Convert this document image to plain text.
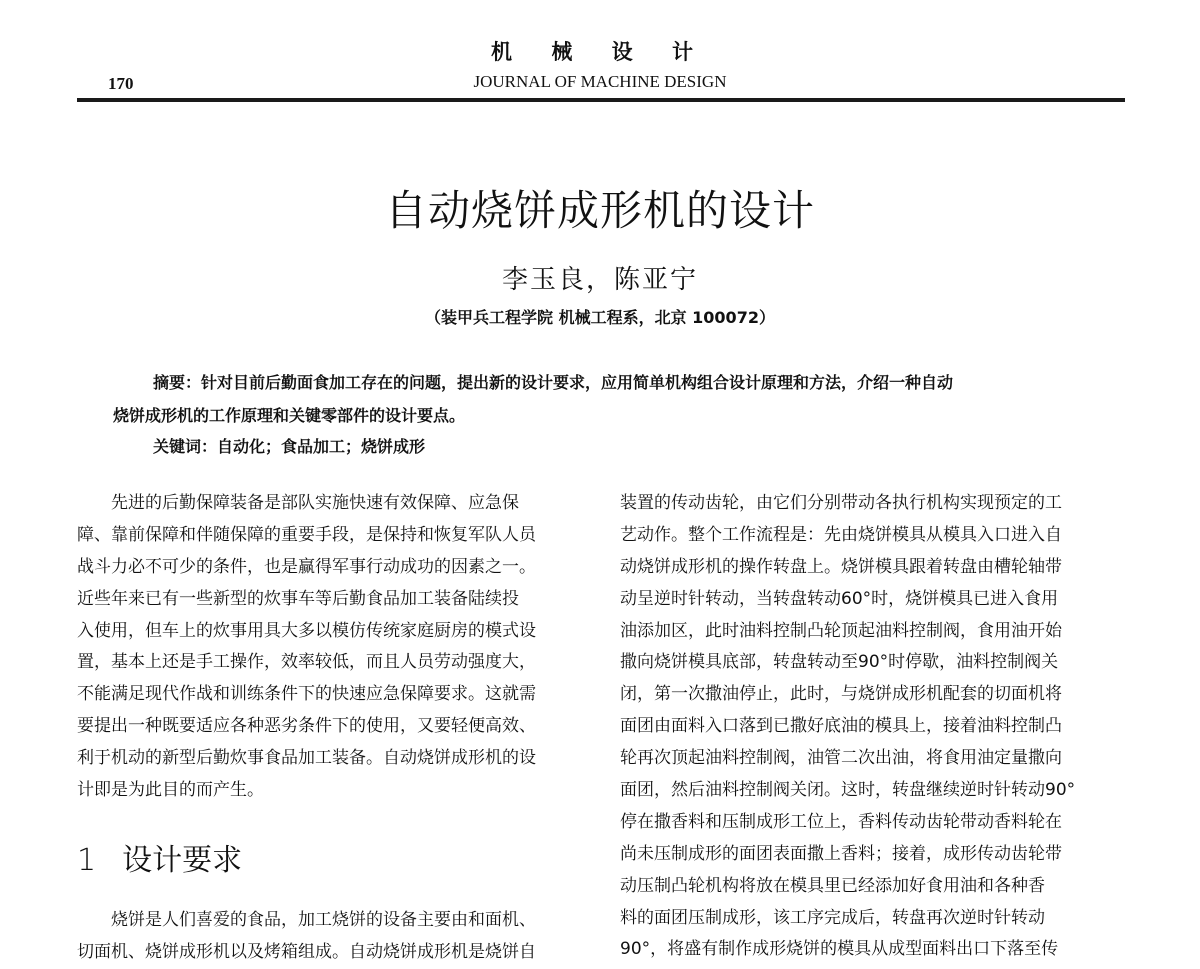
机 械 设 计
170	JOURNAL OF MACHINE DESIGN
自动烧饼成形机的设计
李玉良，陈亚宁
（装甲兵工程学院 机械工程系，北京 100072）
摘要：针对目前后勤面食加工存在的问题，提出新的设计要求，应用简单机构组合设计原理和方法，介绍一种自动
烧饼成形机的工作原理和关键零部件的设计要点。
关键词：自动化；食品加工；烧饼成形
先进的后勤保障装备是部队实施快速有效保障、应急保
障、靠前保障和伴随保障的重要手段，是保持和恢复军队人员
战斗力必不可少的条件，也是赢得军事行动成功的因素之一。
近些年来已有一些新型的炊事车等后勤食品加工装备陆续投
入使用，但车上的炊事用具大多以模仿传统家庭厨房的模式设
置，基本上还是手工操作，效率较低，而且人员劳动强度大，
不能满足现代作战和训练条件下的快速应急保障要求。这就需
要提出一种既要适应各种恶劣条件下的使用，又要轻便高效、
利于机动的新型后勤炊事食品加工装备。自动烧饼成形机的设
计即是为此目的而产生。
1 设计要求
烧饼是人们喜爱的食品，加工烧饼的设备主要由和面机、
切面机、烧饼成形机以及烤箱组成。自动烧饼成形机是烧饼自
装置的传动齿轮，由它们分别带动各执行机构实现预定的工
艺动作。整个工作流程是：先由烧饼模具从模具入口进入自
动烧饼成形机的操作转盘上。烧饼模具跟着转盘由槽轮轴带
动呈逆时针转动，当转盘转动60°时，烧饼模具已进入食用
油添加区，此时油料控制凸轮顶起油料控制阀，食用油开始
撒向烧饼模具底部，转盘转动至90°时停歇，油料控制阀关
闭，第一次撒油停止，此时，与烧饼成形机配套的切面机将
面团由面料入口落到已撒好底油的模具上，接着油料控制凸
轮再次顶起油料控制阀，油管二次出油，将食用油定量撒向
面团，然后油料控制阀关闭。这时，转盘继续逆时针转动90°
停在撒香料和压制成形工位上，香料传动齿轮带动香料轮在
尚未压制成形的面团表面撒上香料；接着，成形传动齿轮带
动压制凸轮机构将放在模具里已经添加好食用油和各种香
料的面团压制成形，该工序完成后，转盘再次逆时针转动
90°，将盛有制作成形烧饼的模具从成型面料出口下落至传
